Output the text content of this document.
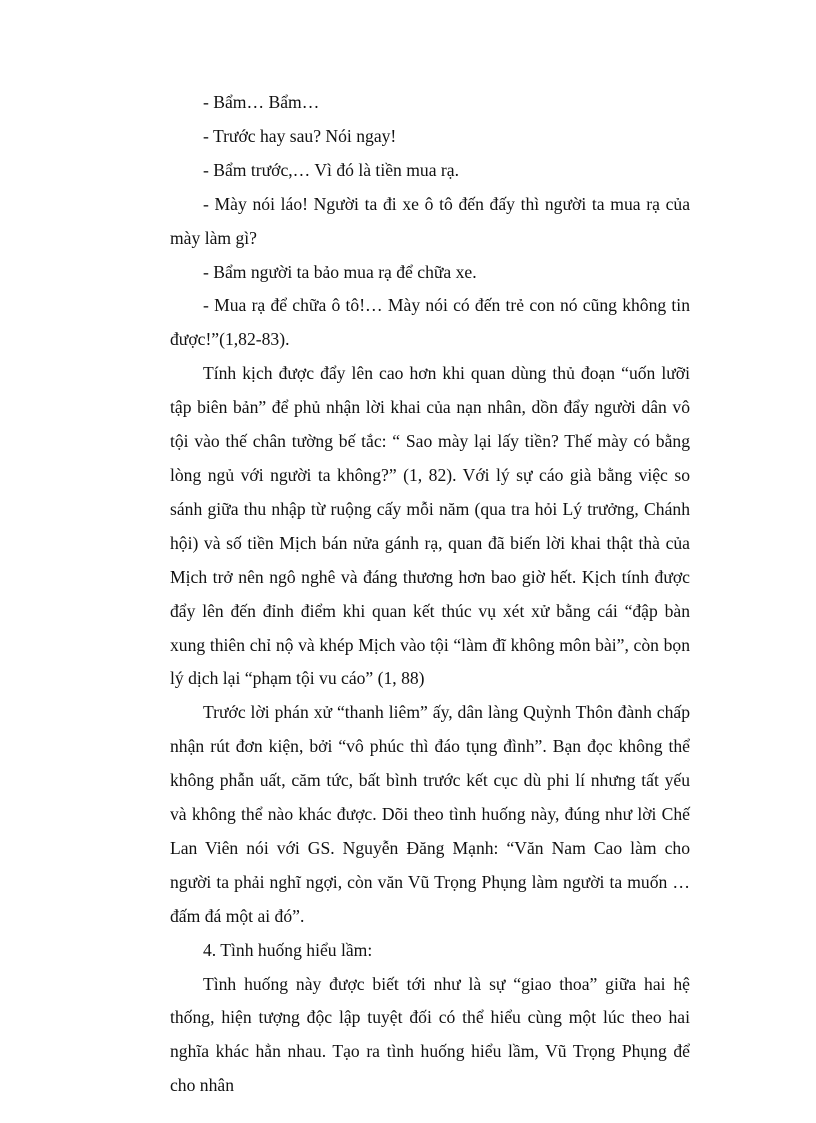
- Bẩm… Bẩm…

- Trước hay sau? Nói ngay!

- Bẩm trước,… Vì đó là tiền mua rạ.

- Mày nói láo! Người ta đi xe ô tô đến đấy thì người ta mua rạ của mày làm gì?

- Bẩm người ta bảo mua rạ để chữa xe.

- Mua rạ để chữa ô tô!… Mày nói có đến trẻ con nó cũng không tin được!”(1,82-83).

Tính kịch được đẩy lên cao hơn khi quan dùng thủ đoạn “uốn lưỡi tập biên bản” để phủ nhận lời khai của nạn nhân, dồn đẩy người dân vô tội vào thế chân tường bế tắc: “ Sao mày lại lấy tiền? Thế mày có bằng lòng ngủ với người ta không?” (1, 82). Với lý sự cáo già bằng việc so sánh giữa thu nhập từ ruộng cấy mỗi năm (qua tra hỏi Lý trưởng, Chánh hội) và số tiền Mịch bán nửa gánh rạ, quan đã biến lời khai thật thà của Mịch trở nên ngô nghê và đáng thương hơn bao giờ hết. Kịch tính được đẩy lên đến đỉnh điểm khi quan kết thúc vụ xét xử bằng cái “đập bàn xung thiên chỉ nộ và khép Mịch vào tội “làm đĩ không môn bài”, còn bọn lý dịch lại “phạm tội vu cáo” (1, 88)

Trước lời phán xử “thanh liêm” ấy, dân làng Quỳnh Thôn đành chấp nhận rút đơn kiện, bởi “vô phúc thì đáo tụng đình”. Bạn đọc không thể không phẫn uất, căm tức, bất bình trước kết cục dù phi lí nhưng tất yếu và không thể nào khác được. Dõi theo tình huống này, đúng như lời Chế Lan Viên nói với GS. Nguyễn Đăng Mạnh: “Văn Nam Cao làm cho người ta phải nghĩ ngợi, còn văn Vũ Trọng Phụng làm người ta muốn … đấm đá một ai đó”.

4. Tình huống hiểu lầm:

Tình huống này được biết tới như là sự “giao thoa” giữa hai hệ thống, hiện tượng độc lập tuyệt đối có thể hiểu cùng một lúc theo hai nghĩa khác hẳn nhau. Tạo ra tình huống hiểu lầm, Vũ Trọng Phụng để cho nhân
